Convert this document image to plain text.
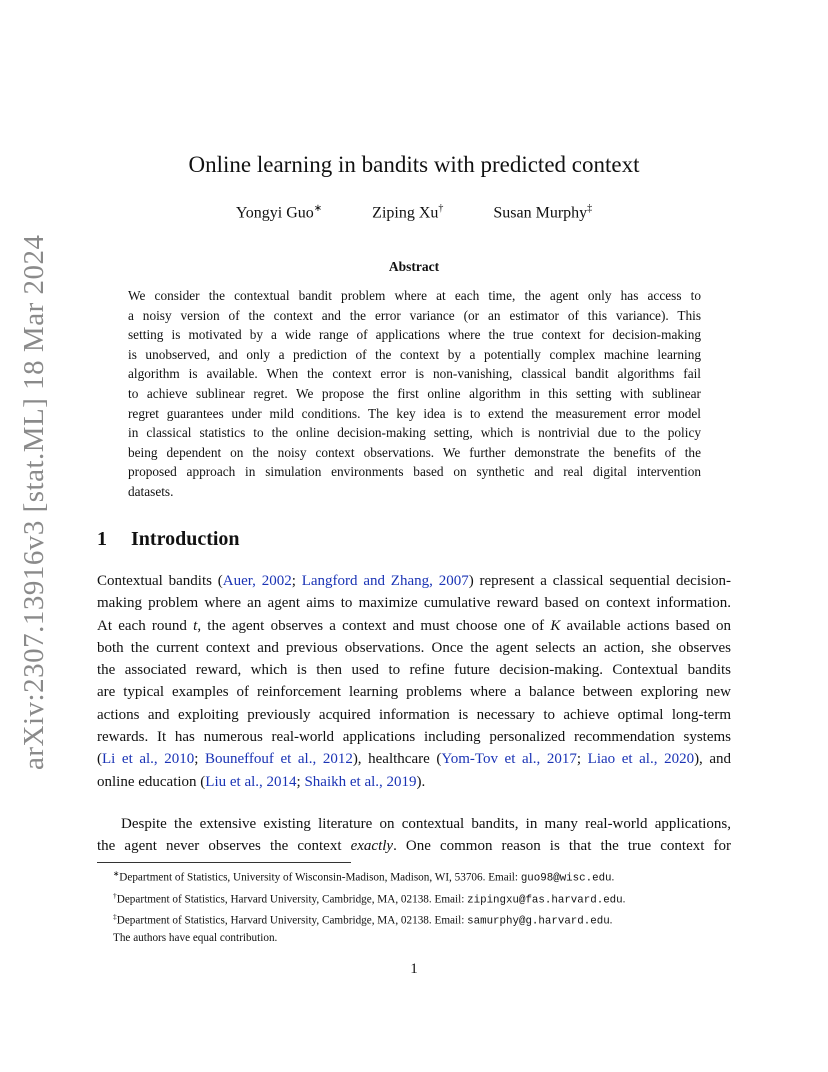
arXiv:2307.13916v3 [stat.ML] 18 Mar 2024
Online learning in bandits with predicted context
Yongyi Guo∗	Ziping Xu†	Susan Murphy‡
Abstract
We consider the contextual bandit problem where at each time, the agent only has access to
a noisy version of the context and the error variance (or an estimator of this variance). This
setting is motivated by a wide range of applications where the true context for decision-making
is unobserved, and only a prediction of the context by a potentially complex machine learning
algorithm is available. When the context error is non-vanishing, classical bandit algorithms fail
to achieve sublinear regret. We propose the first online algorithm in this setting with sublinear
regret guarantees under mild conditions. The key idea is to extend the measurement error model
in classical statistics to the online decision-making setting, which is nontrivial due to the policy
being dependent on the noisy context observations. We further demonstrate the benefits of the
proposed approach in simulation environments based on synthetic and real digital intervention
datasets.
1 Introduction
Contextual bandits (Auer, 2002; Langford and Zhang, 2007) represent a classical sequential decision-
making problem where an agent aims to maximize cumulative reward based on context information.
At each round t, the agent observes a context and must choose one of K available actions based on
both the current context and previous observations. Once the agent selects an action, she observes
the associated reward, which is then used to refine future decision-making. Contextual bandits
are typical examples of reinforcement learning problems where a balance between exploring new
actions and exploiting previously acquired information is necessary to achieve optimal long-term
rewards. It has numerous real-world applications including personalized recommendation systems
(Li et al., 2010; Bouneffouf et al., 2012), healthcare (Yom-Tov et al., 2017; Liao et al., 2020), and
online education (Liu et al., 2014; Shaikh et al., 2019).
Despite the extensive existing literature on contextual bandits, in many real-world applications,
the agent never observes the context exactly. One common reason is that the true context for
∗Department of Statistics, University of Wisconsin-Madison, Madison, WI, 53706. Email: guo98@wisc.edu.
†Department of Statistics, Harvard University, Cambridge, MA, 02138. Email: zipingxu@fas.harvard.edu.
‡Department of Statistics, Harvard University, Cambridge, MA, 02138. Email: samurphy@g.harvard.edu.
The authors have equal contribution.
1
